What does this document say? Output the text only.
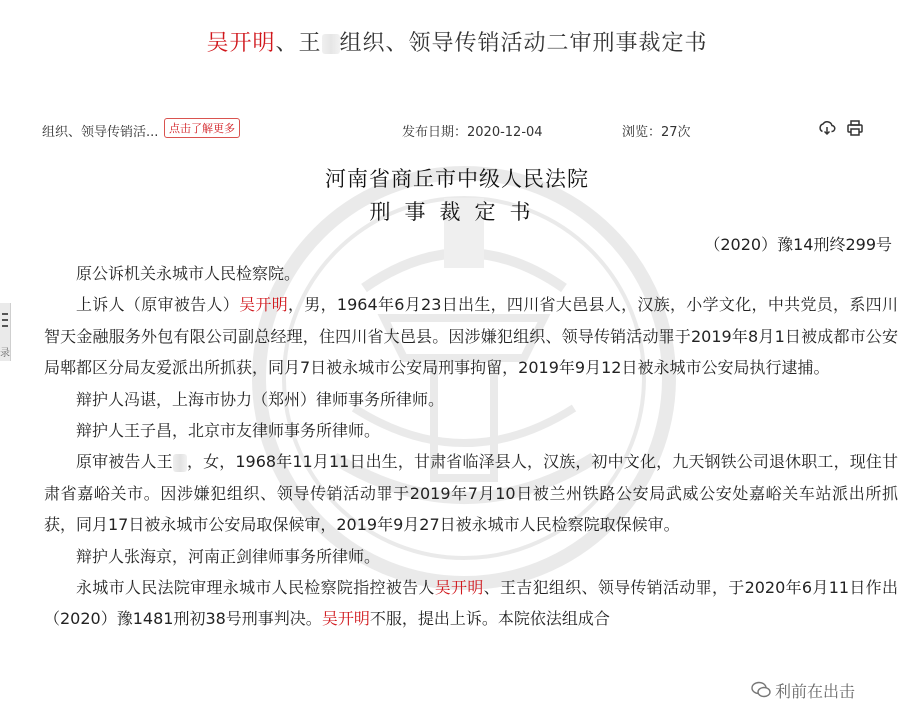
吴开明、王 组织、领导传销活动二审刑事裁定书
组织、领导传销活... 点击了解更多	发布日期：2020-12-04	浏览：27次
录
河南省商丘市中级人民法院
刑事裁定书
（2020）豫14刑终299号

原公诉机关永城市人民检察院。

上诉人（原审被告人）吴开明，男，1964年6月23日出生，四川省大邑县人，汉族，小学文化，中共党员，系四川智天金融服务外包有限公司副总经理，住四川省大邑县。因涉嫌犯组织、领导传销活动罪于2019年8月1日被成都市公安局郫都区分局友爱派出所抓获，同月7日被永城市公安局刑事拘留，2019年9月12日被永城市公安局执行逮捕。

辩护人冯谌，上海市协力（郑州）律师事务所律师。

辩护人王子昌，北京市友律师事务所律师。

原审被告人王 ，女，1968年11月11日出生，甘肃省临泽县人，汉族，初中文化，九天钢铁公司退休职工，现住甘肃省嘉峪关市。因涉嫌犯组织、领导传销活动罪于2019年7月10日被兰州铁路公安局武威公安处嘉峪关车站派出所抓获，同月17日被永城市公安局取保候审，2019年9月27日被永城市人民检察院取保候审。

辩护人张海京，河南正剑律师事务所律师。

永城市人民法院审理永城市人民检察院指控被告人吴开明、王吉犯组织、领导传销活动罪，于2020年6月11日作出（2020）豫1481刑初38号刑事判决。吴开明不服，提出上诉。本院依法组成合

利前在出击
